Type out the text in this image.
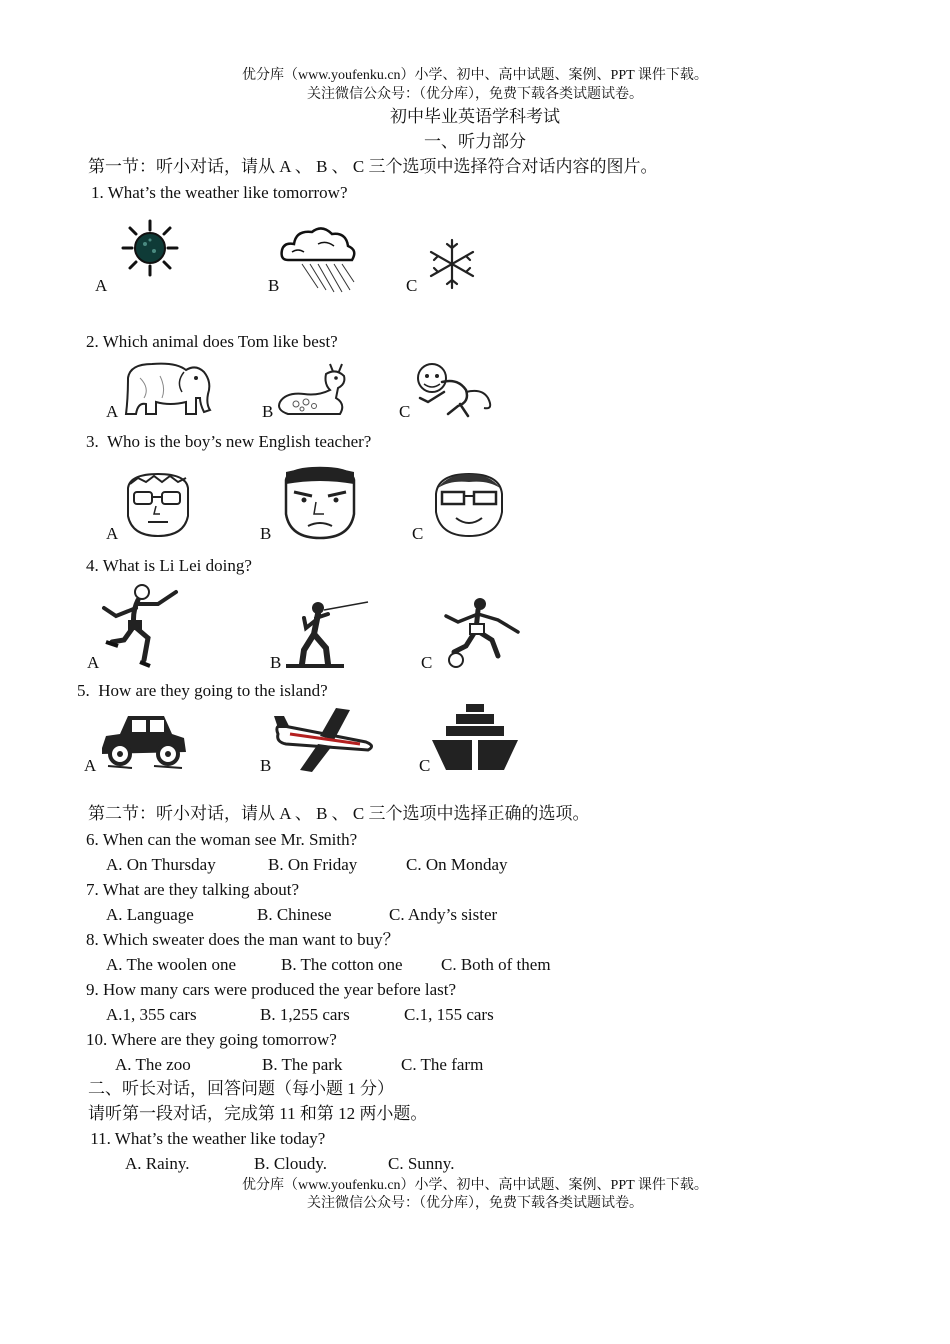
优分库（www.youfenku.cn）小学、初中、高中试题、案例、PPT 课件下载。
关注微信公众号：（优分库），免费下载各类试题试卷。
初中毕业英语学科考试
一、听力部分
第一节：听小对话，请从 A 、 B 、 C 三个选项中选择符合对话内容的图片。
1. What’s the weather like tomorrow?
A	B	C
2. Which animal does Tom like best?
A	B	C
3.  Who is the boy’s new English teacher?
A	B	C
4. What is Li Lei doing?
A	B	C
5.  How are they going to the island?
A	B	C
第二节：听小对话，请从 A 、 B 、 C 三个选项中选择正确的选项。
6. When can the woman see Mr. Smith?
A. On Thursday	B. On Friday	C. On Monday
7. What are they talking about?
A. Language	B. Chinese	C. Andy’s sister
8. Which sweater does the man want to buy？
A. The woolen one	B. The cotton one C. Both of them
9. How many cars were produced the year before last?
A.1, 355 cars	B. 1,255 cars	C.1, 155 cars
10. Where are they going tomorrow?
A. The zoo	B. The park	C. The farm
二、听长对话，回答问题（每小题 1 分）
请听第一段对话，完成第 11 和第 12 两小题。
11. What’s the weather like today?
A. Rainy.	B. Cloudy.	C. Sunny.
优分库（www.youfenku.cn）小学、初中、高中试题、案例、PPT 课件下载。
关注微信公众号：（优分库），免费下载各类试题试卷。
